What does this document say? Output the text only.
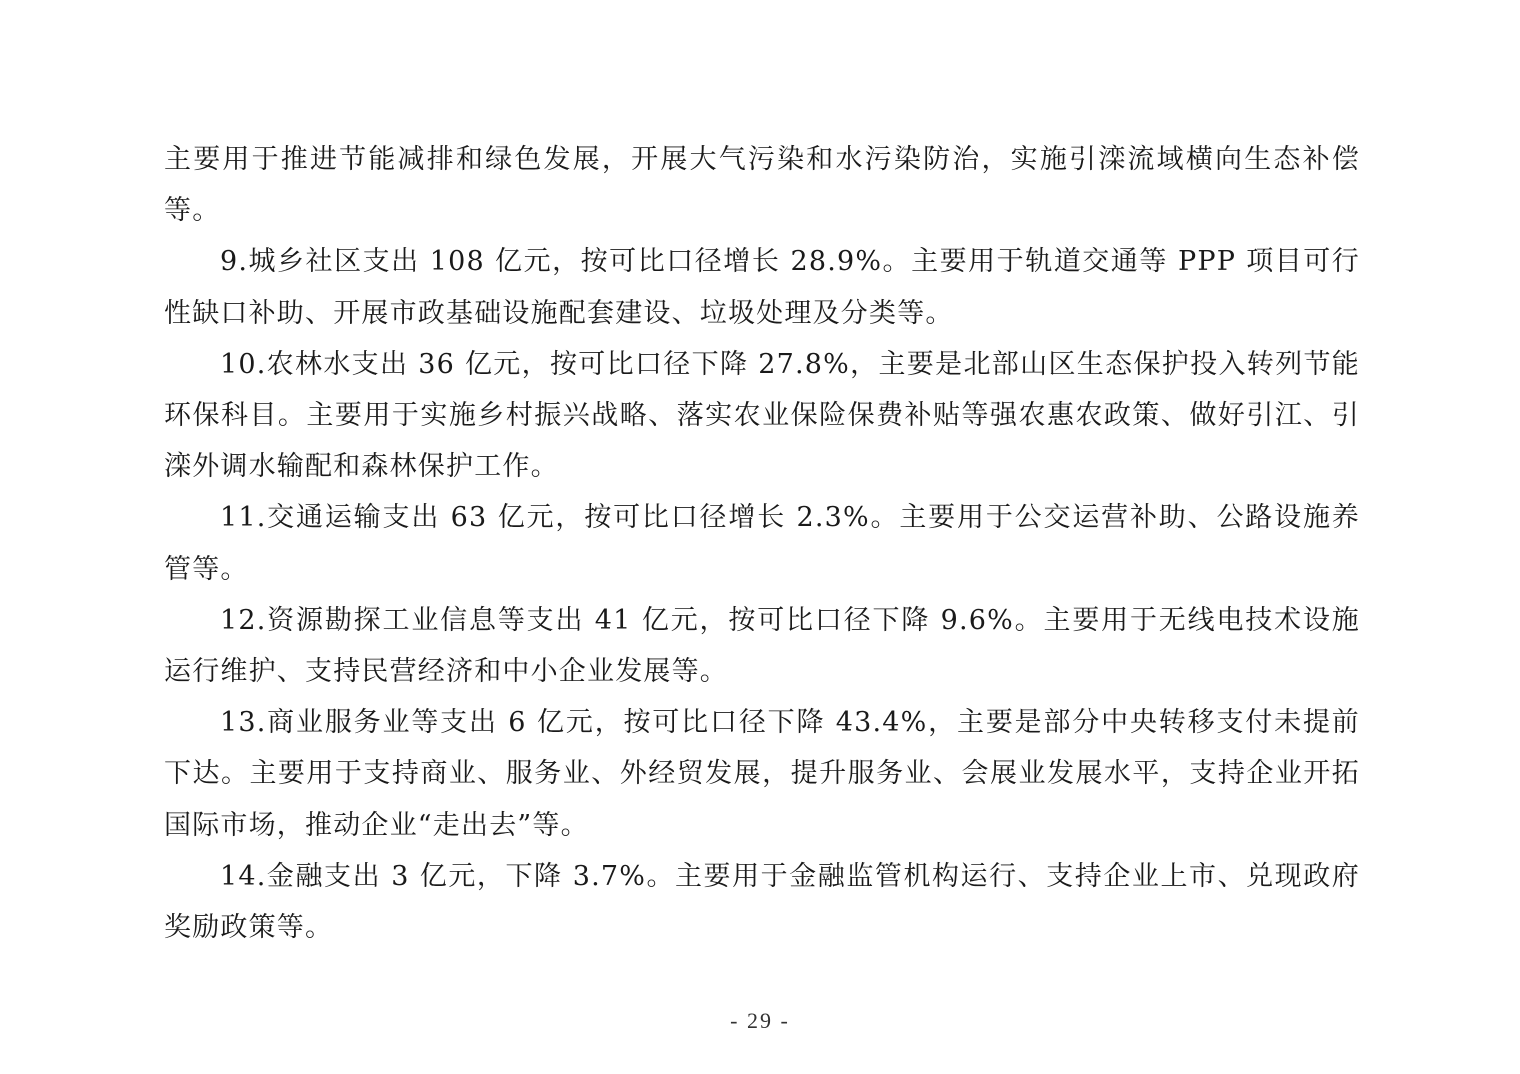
主要用于推进节能减排和绿色发展，开展大气污染和水污染防治，实施引滦流域横向生态补偿等。

9.城乡社区支出 108 亿元，按可比口径增长 28.9%。主要用于轨道交通等 PPP 项目可行性缺口补助、开展市政基础设施配套建设、垃圾处理及分类等。

10.农林水支出 36 亿元，按可比口径下降 27.8%，主要是北部山区生态保护投入转列节能环保科目。主要用于实施乡村振兴战略、落实农业保险保费补贴等强农惠农政策、做好引江、引滦外调水输配和森林保护工作。

11.交通运输支出 63 亿元，按可比口径增长 2.3%。主要用于公交运营补助、公路设施养管等。

12.资源勘探工业信息等支出 41 亿元，按可比口径下降 9.6%。主要用于无线电技术设施运行维护、支持民营经济和中小企业发展等。

13.商业服务业等支出 6 亿元，按可比口径下降 43.4%，主要是部分中央转移支付未提前下达。主要用于支持商业、服务业、外经贸发展，提升服务业、会展业发展水平，支持企业开拓国际市场，推动企业“走出去”等。

14.金融支出 3 亿元，下降 3.7%。主要用于金融监管机构运行、支持企业上市、兑现政府奖励政策等。

- 29 -
